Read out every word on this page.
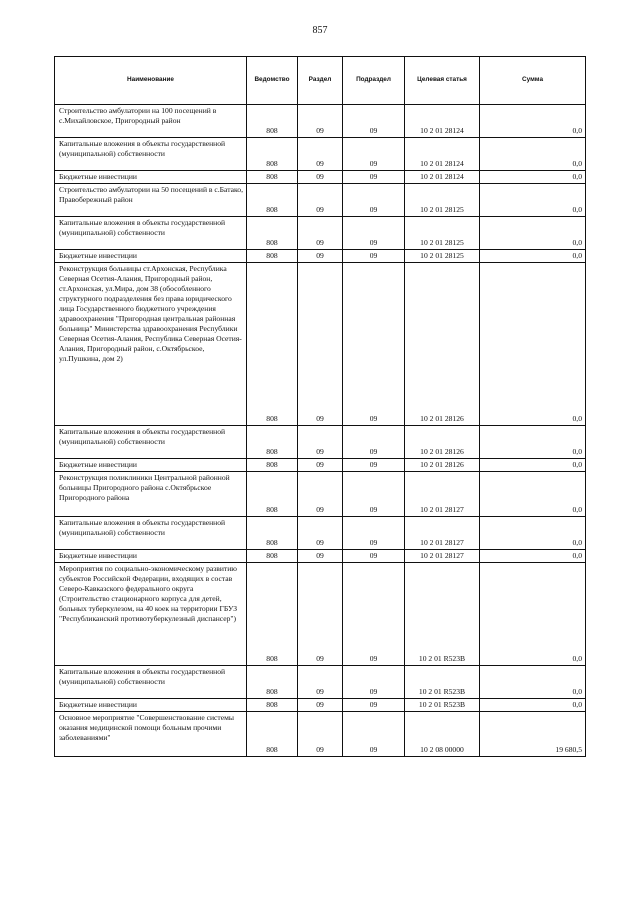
857
Наименование	Ведомство	Раздел	Подраздел	Целевая статья	Сумма
Строительство амбулатории на 100 посещений в с.Михайловское, Пригородный район	808	09	09	10 2 01 28124	0,0
Капитальные вложения в объекты государственной (муниципальной) собственности	808	09	09	10 2 01 28124	0,0
Бюджетные инвестиции	808	09	09	10 2 01 28124	0,0
Строительство амбулатории на 50 посещений в с.Батако, Правобережный район	808	09	09	10 2 01 28125	0,0
Капитальные вложения в объекты государственной (муниципальной) собственности	808	09	09	10 2 01 28125	0,0
Бюджетные инвестиции	808	09	09	10 2 01 28125	0,0
Реконструкция больницы ст.Архонская, Республика Северная Осетия-Алания, Пригородный район, ст.Архонская, ул.Мира, дом 38 (обособленного структурного подразделения без права юридического лица Государственного бюджетного учреждения здравоохранения "Пригородная центральная районная больница" Министерства здравоохранения Республики Северная Осетия-Алания, Республика Северная Осетия-Алания, Пригородный район, с.Октябрьское, ул.Пушкина, дом 2)	808	09	09	10 2 01 28126	0,0
Капитальные вложения в объекты государственной (муниципальной) собственности	808	09	09	10 2 01 28126	0,0
Бюджетные инвестиции	808	09	09	10 2 01 28126	0,0
Реконструкция поликлиники Центральной районной больницы Пригородного района с.Октябрьское Пригородного района	808	09	09	10 2 01 28127	0,0
Капитальные вложения в объекты государственной (муниципальной) собственности	808	09	09	10 2 01 28127	0,0
Бюджетные инвестиции	808	09	09	10 2 01 28127	0,0
Мероприятия по социально-экономическому развитию субъектов Российской Федерации, входящих в состав Северо-Кавказского федерального округа (Строительство стационарного корпуса для детей, больных туберкулезом, на 40 коек на территории ГБУЗ "Республиканский противотуберкулезный диспансер")	808	09	09	10 2 01 R523B	0,0
Капитальные вложения в объекты государственной (муниципальной) собственности	808	09	09	10 2 01 R523B	0,0
Бюджетные инвестиции	808	09	09	10 2 01 R523B	0,0
Основное мероприятие "Совершенствование системы оказания медицинской помощи больным прочими заболеваниями"	808	09	09	10 2 08 00000	19 680,5
